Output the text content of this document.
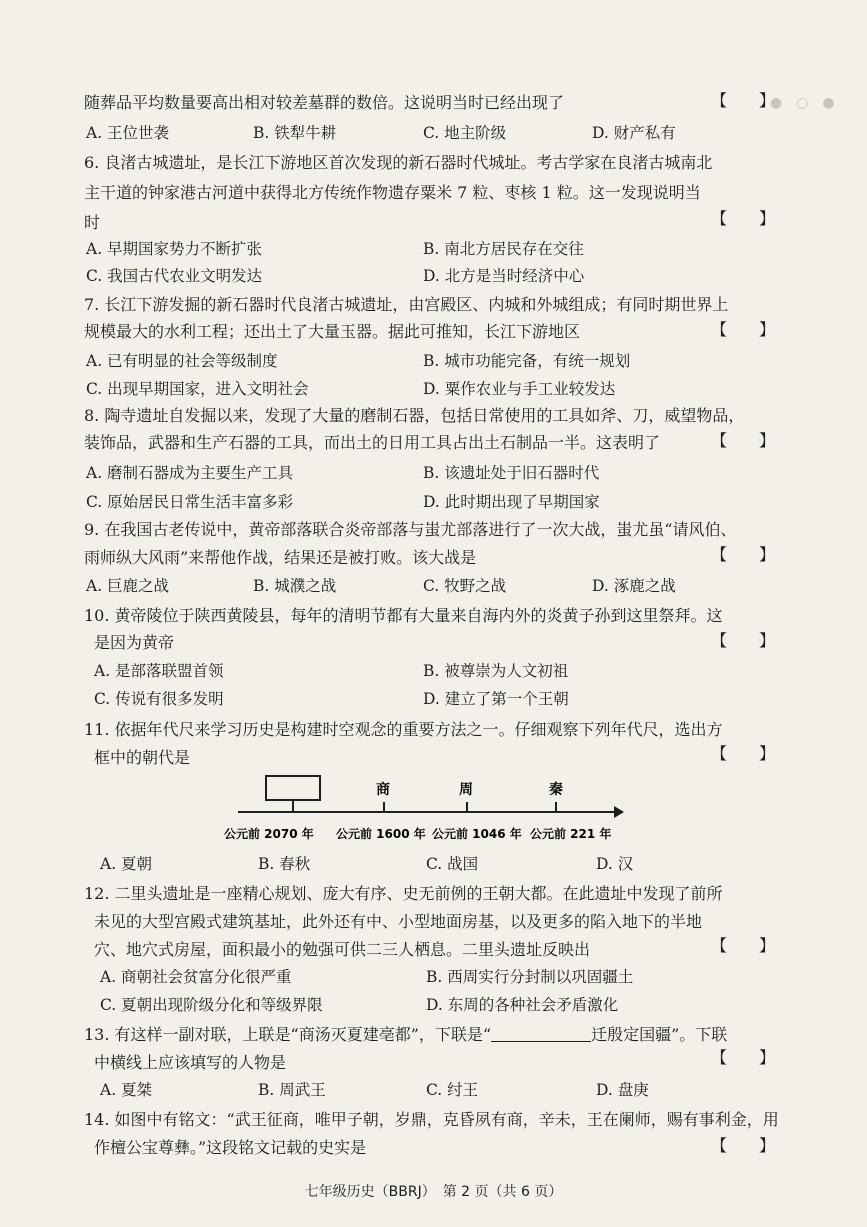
●　○　●
随葬品平均数量要高出相对较差墓群的数倍。这说明当时已经出现了	【　　】
A. 王位世袭	B. 铁犁牛耕	C. 地主阶级	D. 财产私有
6. 良渚古城遗址，是长江下游地区首次发现的新石器时代城址。考古学家在良渚古城南北
主干道的钟家港古河道中获得北方传统作物遗存粟米 7 粒、枣核 1 粒。这一发现说明当
时	【　　】
A. 早期国家势力不断扩张	B. 南北方居民存在交往
C. 我国古代农业文明发达	D. 北方是当时经济中心
7. 长江下游发掘的新石器时代良渚古城遗址，由宫殿区、内城和外城组成；有同时期世界上
规模最大的水利工程；还出土了大量玉器。据此可推知，长江下游地区	【　　】
A. 已有明显的社会等级制度	B. 城市功能完备，有统一规划
C. 出现早期国家，进入文明社会	D. 粟作农业与手工业较发达
8. 陶寺遗址自发掘以来，发现了大量的磨制石器，包括日常使用的工具如斧、刀，威望物品，
装饰品，武器和生产石器的工具，而出土的日用工具占出土石制品一半。这表明了	【　　】
A. 磨制石器成为主要生产工具	B. 该遗址处于旧石器时代
C. 原始居民日常生活丰富多彩	D. 此时期出现了早期国家
9. 在我国古老传说中，黄帝部落联合炎帝部落与蚩尤部落进行了一次大战，蚩尤虽“请风伯、
雨师纵大风雨”来帮他作战，结果还是被打败。该大战是	【　　】
A. 巨鹿之战	B. 城濮之战	C. 牧野之战	D. 涿鹿之战
10. 黄帝陵位于陕西黄陵县，每年的清明节都有大量来自海内外的炎黄子孙到这里祭拜。这
是因为黄帝	【　　】
A. 是部落联盟首领	B. 被尊崇为人文初祖
C. 传说有很多发明	D. 建立了第一个王朝
11. 依据年代尺来学习历史是构建时空观念的重要方法之一。仔细观察下列年代尺，选出方
框中的朝代是	【　　】
商	周	秦
公元前 2070 年 公元前 1600 年 公元前 1046 年 公元前 221 年
A. 夏朝	B. 春秋	C. 战国	D. 汉
12. 二里头遗址是一座精心规划、庞大有序、史无前例的王朝大都。在此遗址中发现了前所
未见的大型宫殿式建筑基址，此外还有中、小型地面房基，以及更多的陷入地下的半地
穴、地穴式房屋，面积最小的勉强可供二三人栖息。二里头遗址反映出	【　　】
A. 商朝社会贫富分化很严重	B. 西周实行分封制以巩固疆土
C. 夏朝出现阶级分化和等级界限	D. 东周的各种社会矛盾激化
13. 有这样一副对联，上联是“商汤灭夏建亳都”，下联是“	迁殷定国疆”。下联
中横线上应该填写的人物是	【　　】
A. 夏桀	B. 周武王	C. 纣王	D. 盘庚
14. 如图中有铭文：“武王征商，唯甲子朝，岁鼎，克昏夙有商，辛未，王在阑师，赐有事利金，用
作檀公宝尊彝。”这段铭文记载的史实是	【　　】
七年级历史（BBRJ）　第 2 页（共 6 页）
